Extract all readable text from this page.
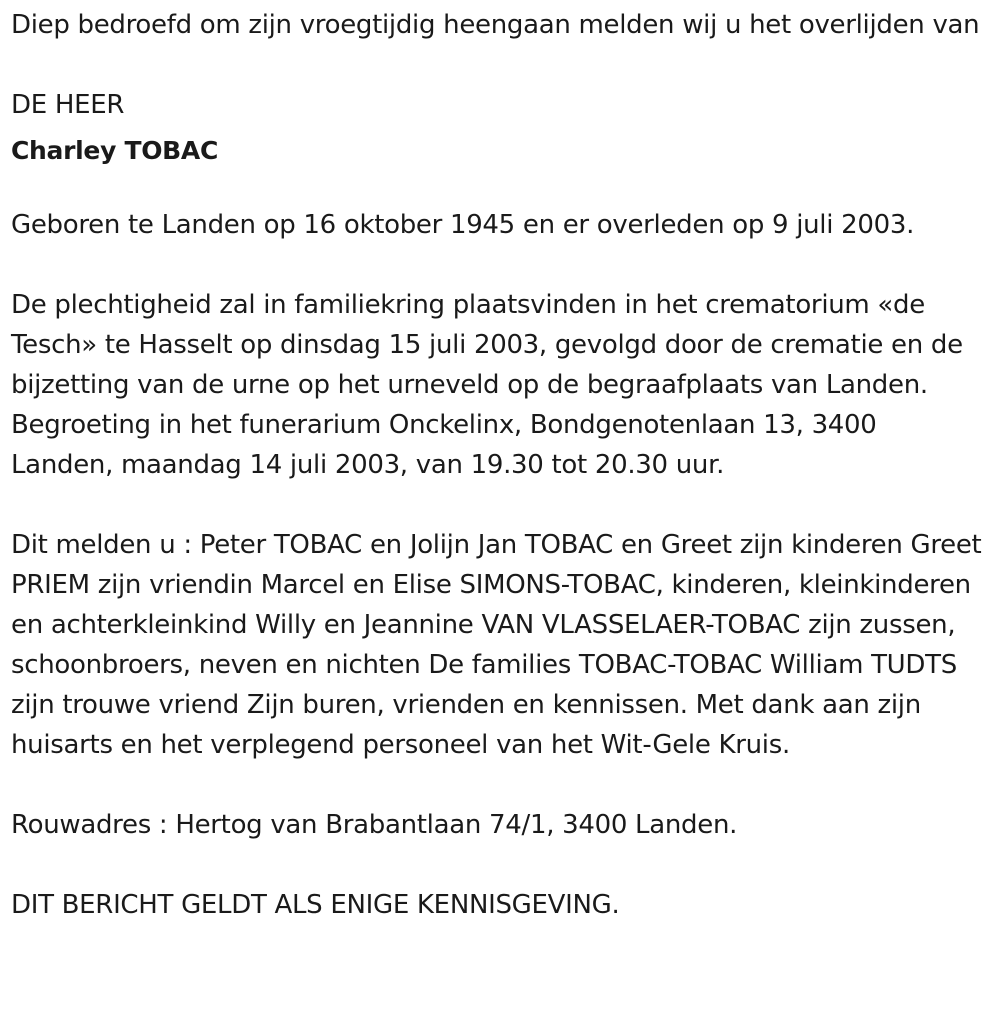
Diep bedroefd om zijn vroegtijdig heengaan melden wij u het overlijden van

DE HEER

Charley TOBAC

Geboren te Landen op 16 oktober 1945 en er overleden op 9 juli 2003.

De plechtigheid zal in familiekring plaatsvinden in het crematorium «de Tesch» te Hasselt op dinsdag 15 juli 2003, gevolgd door de crematie en de bijzetting van de urne op het urneveld op de begraafplaats van Landen. Begroeting in het funerarium Onckelinx, Bondgenotenlaan 13, 3400 Landen, maandag 14 juli 2003, van 19.30 tot 20.30 uur.

Dit melden u : Peter TOBAC en Jolijn Jan TOBAC en Greet zijn kinderen Greet PRIEM zijn vriendin Marcel en Elise SIMONS-TOBAC, kinderen, kleinkinderen en achterkleinkind Willy en Jeannine VAN VLASSELAER-TOBAC zijn zussen, schoonbroers, neven en nichten De families TOBAC-TOBAC William TUDTS zijn trouwe vriend Zijn buren, vrienden en kennissen. Met dank aan zijn huisarts en het verplegend personeel van het Wit-Gele Kruis.

Rouwadres : Hertog van Brabantlaan 74/1, 3400 Landen.

DIT BERICHT GELDT ALS ENIGE KENNISGEVING.
